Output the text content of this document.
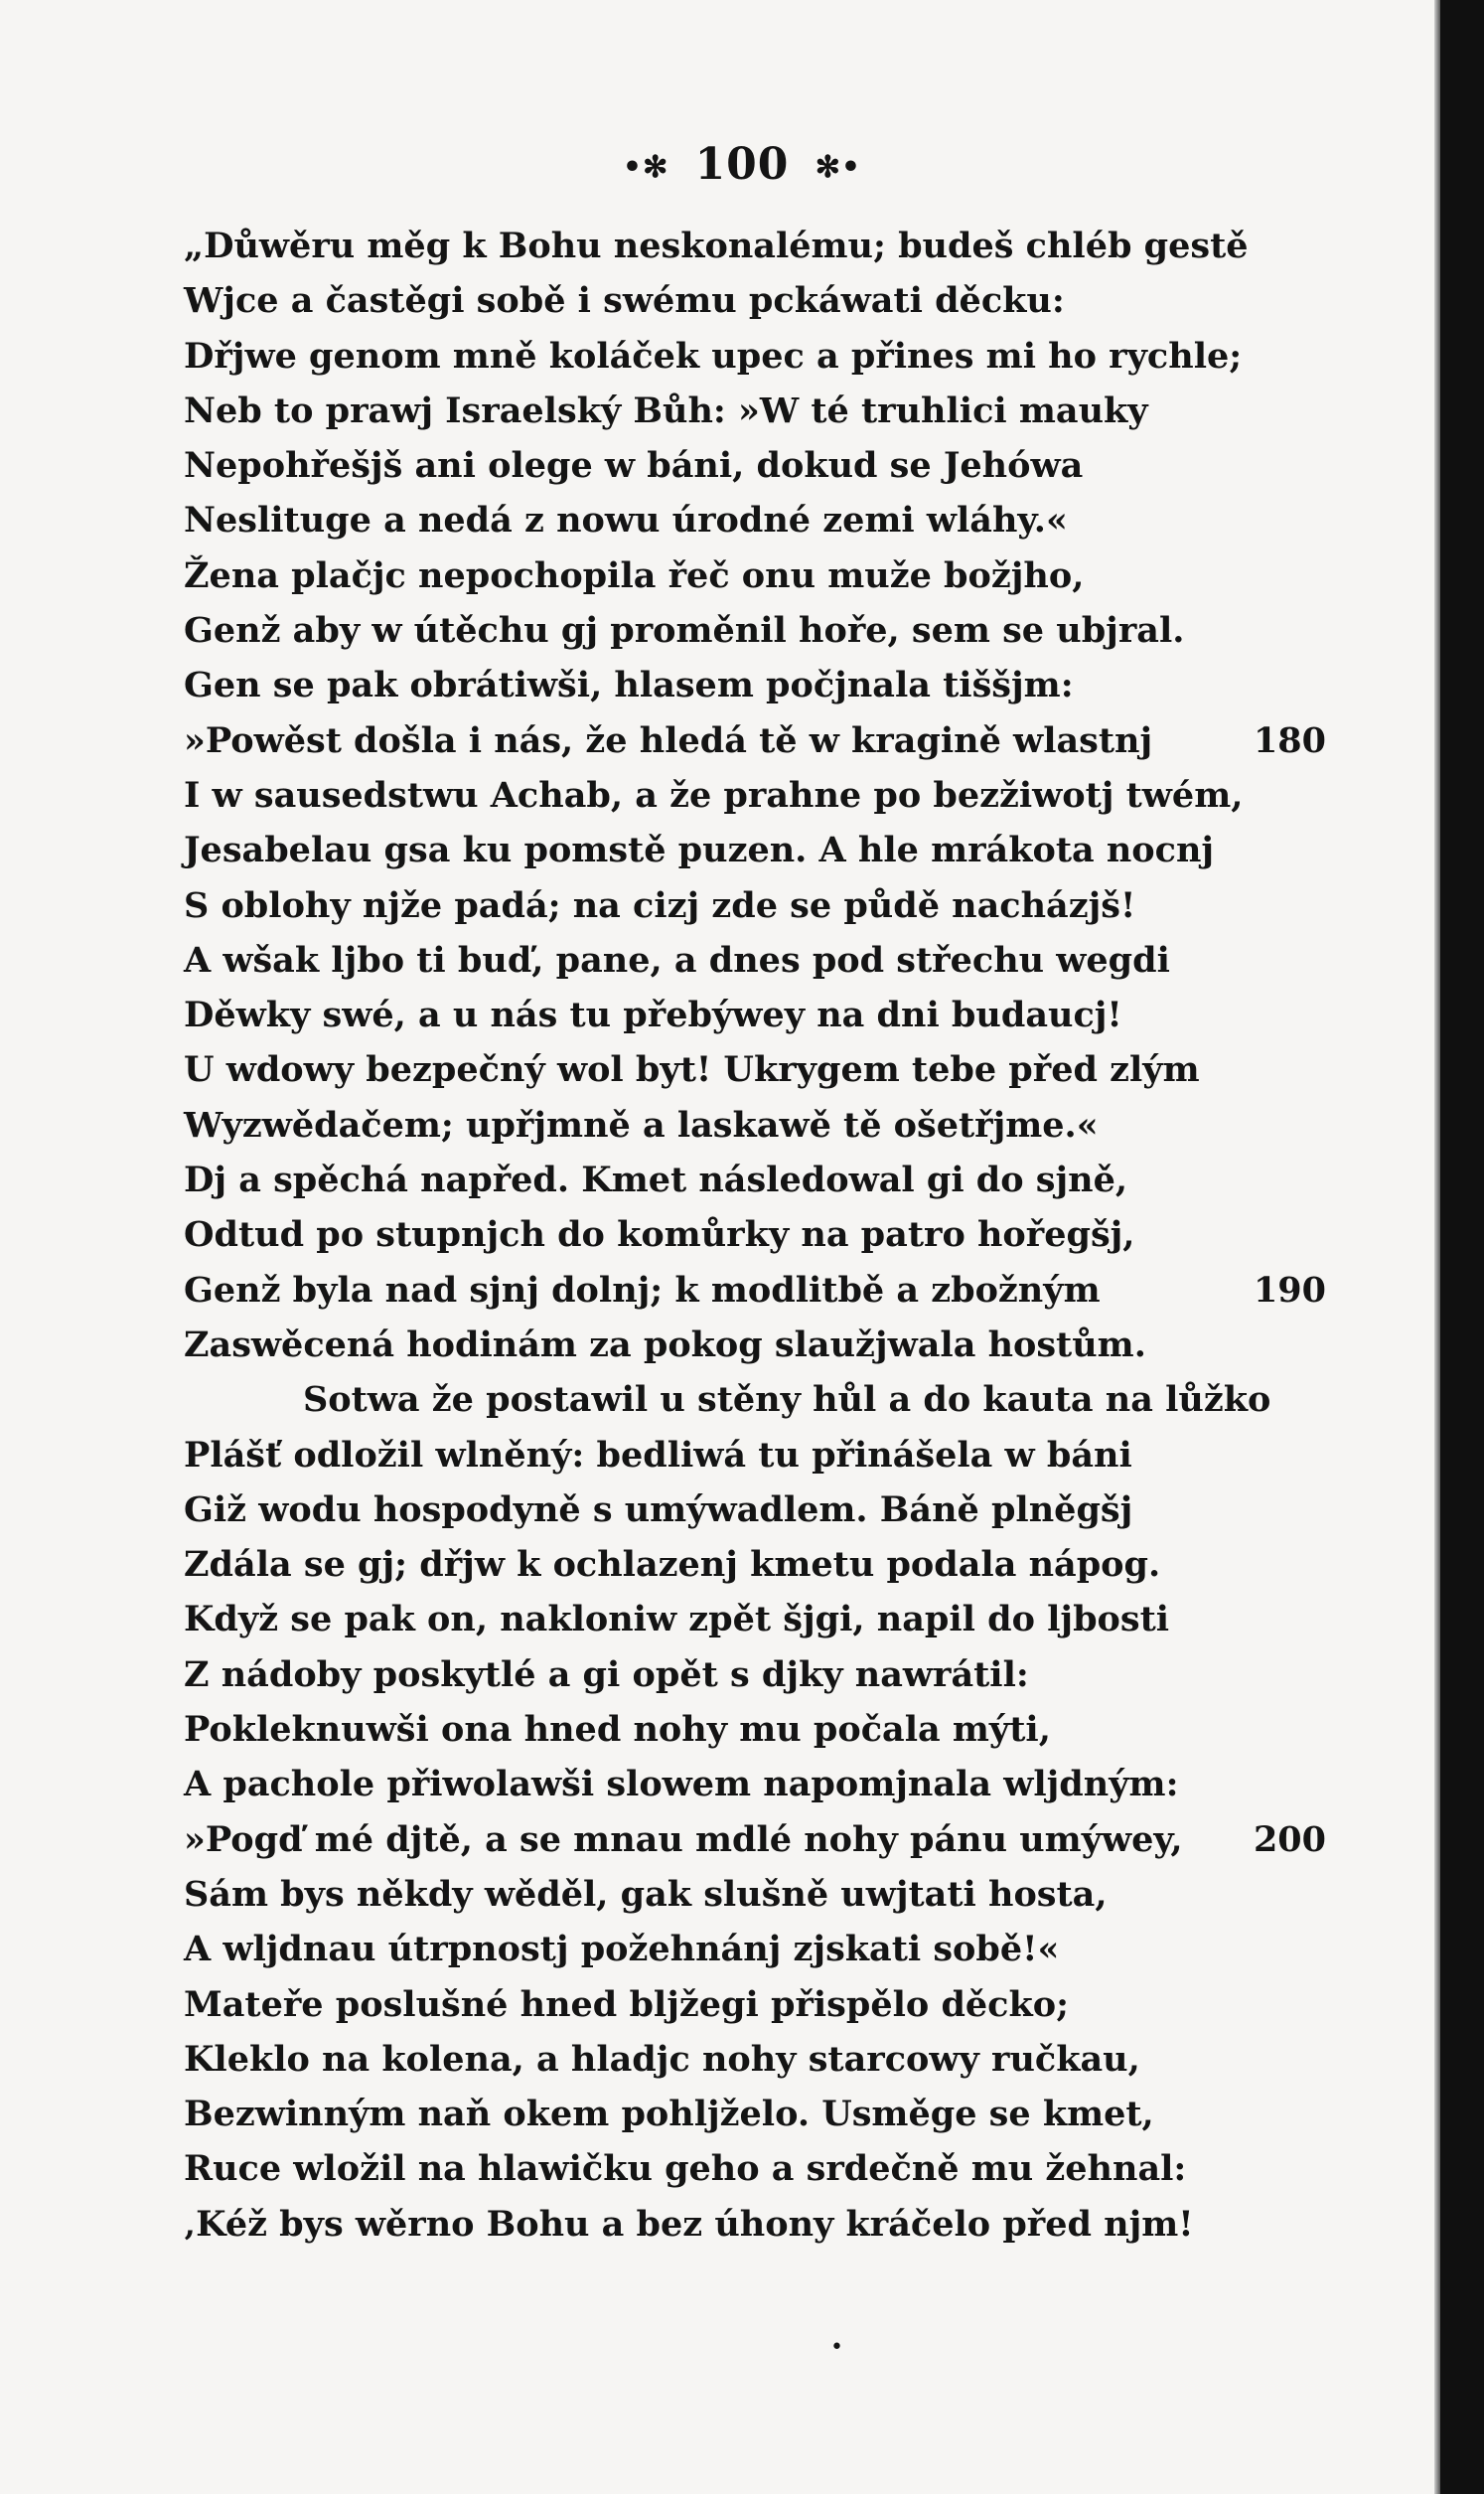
•✻ 100 ✻•
„Důwěru měg k Bohu neskonalému; budeš chléb gestě
Wjce a častěgi sobě i swému pckáwati děcku:
Dřjwe genom mně koláček upec a přines mi ho rychle;
Neb to prawj Israelský Bůh: »W té truhlici mauky
Nepohřešjš ani olege w báni, dokud se Jehówa
Neslituge a nedá z nowu úrodné zemi wláhy.«
Žena plačjc nepochopila řeč onu muže božjho,
Genž aby w útěchu gj proměnil hoře, sem se ubjral.
Gen se pak obrátiwši, hlasem počjnala tiššjm:
»Powěst došla i nás, že hledá tě w kragině wlastnj	180
I w sausedstwu Achab, a že prahne po bezžiwotj twém,
Jesabelau gsa ku pomstě puzen. A hle mrákota nocnj
S oblohy njže padá; na cizj zde se půdě nacházjš!
A wšak ljbo ti buď, pane, a dnes pod střechu wegdi
Děwky swé, a u nás tu přebýwey na dni budaucj!
U wdowy bezpečný wol byt! Ukrygem tebe před zlým
Wyzwědačem; upřjmně a laskawě tě ošetřjme.«
Dj a spěchá napřed. Kmet následowal gi do sjně,
Odtud po stupnjch do komůrky na patro hořegšj,
Genž byla nad sjnj dolnj; k modlitbě a zbožným	190
Zaswěcená hodinám za pokog slaužjwala hostům.
Sotwa že postawil u stěny hůl a do kauta na lůžko
Plášť odložil wlněný: bedliwá tu přinášela w báni
Giž wodu hospodyně s umýwadlem. Báně plněgšj
Zdála se gj; dřjw k ochlazenj kmetu podala nápog.
Když se pak on, nakloniw zpět šjgi, napil do ljbosti
Z nádoby poskytlé a gi opět s djky nawrátil:
Pokleknuwši ona hned nohy mu počala mýti,
A pachole přiwolawši slowem napomjnala wljdným:
»Pogď mé djtě, a se mnau mdlé nohy pánu umýwey, 200
Sám bys někdy wěděl, gak slušně uwjtati hosta,
A wljdnau útrpnostj požehnánj zjskati sobě!«
Mateře poslušné hned bljžegi přispělo děcko;
Kleklo na kolena, a hladjc nohy starcowy ručkau,
Bezwinným naň okem pohljželo. Usměge se kmet,
Ruce wložil na hlawičku geho a srdečně mu žehnal:
‚Kéž bys wěrno Bohu a bez úhony kráčelo před njm!
•
